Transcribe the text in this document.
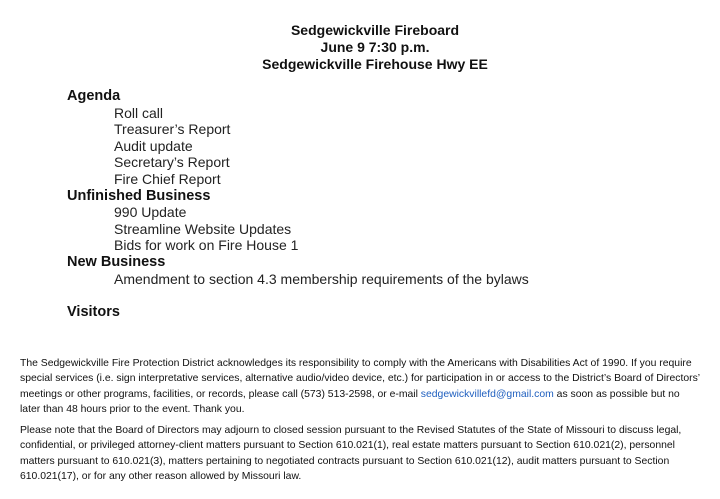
Sedgewickville Fireboard
June 9 7:30 p.m.
Sedgewickville Firehouse Hwy EE
Agenda
Roll call
Treasurer’s Report
Audit update
Secretary’s Report
Fire Chief Report
Unfinished Business
990 Update
Streamline Website Updates
Bids for work on Fire House 1
New Business
Amendment to section 4.3 membership requirements of the bylaws
Visitors
The Sedgewickville Fire Protection District acknowledges its responsibility to comply with the Americans with Disabilities Act of 1990. If you require special services (i.e. sign interpretative services, alternative audio/video device, etc.) for participation in or access to the District’s Board of Directors’ meetings or other programs, facilities, or records, please call (573) 513-2598, or e-mail sedgewickvillefd@gmail.com as soon as possible but no later than 48 hours prior to the event. Thank you.
Please note that the Board of Directors may adjourn to closed session pursuant to the Revised Statutes of the State of Missouri to discuss legal, confidential, or privileged attorney-client matters pursuant to Section 610.021(1), real estate matters pursuant to Section 610.021(2), personnel matters pursuant to 610.021(3), matters pertaining to negotiated contracts pursuant to Section 610.021(12), audit matters pursuant to Section 610.021(17), or for any other reason allowed by Missouri law.
